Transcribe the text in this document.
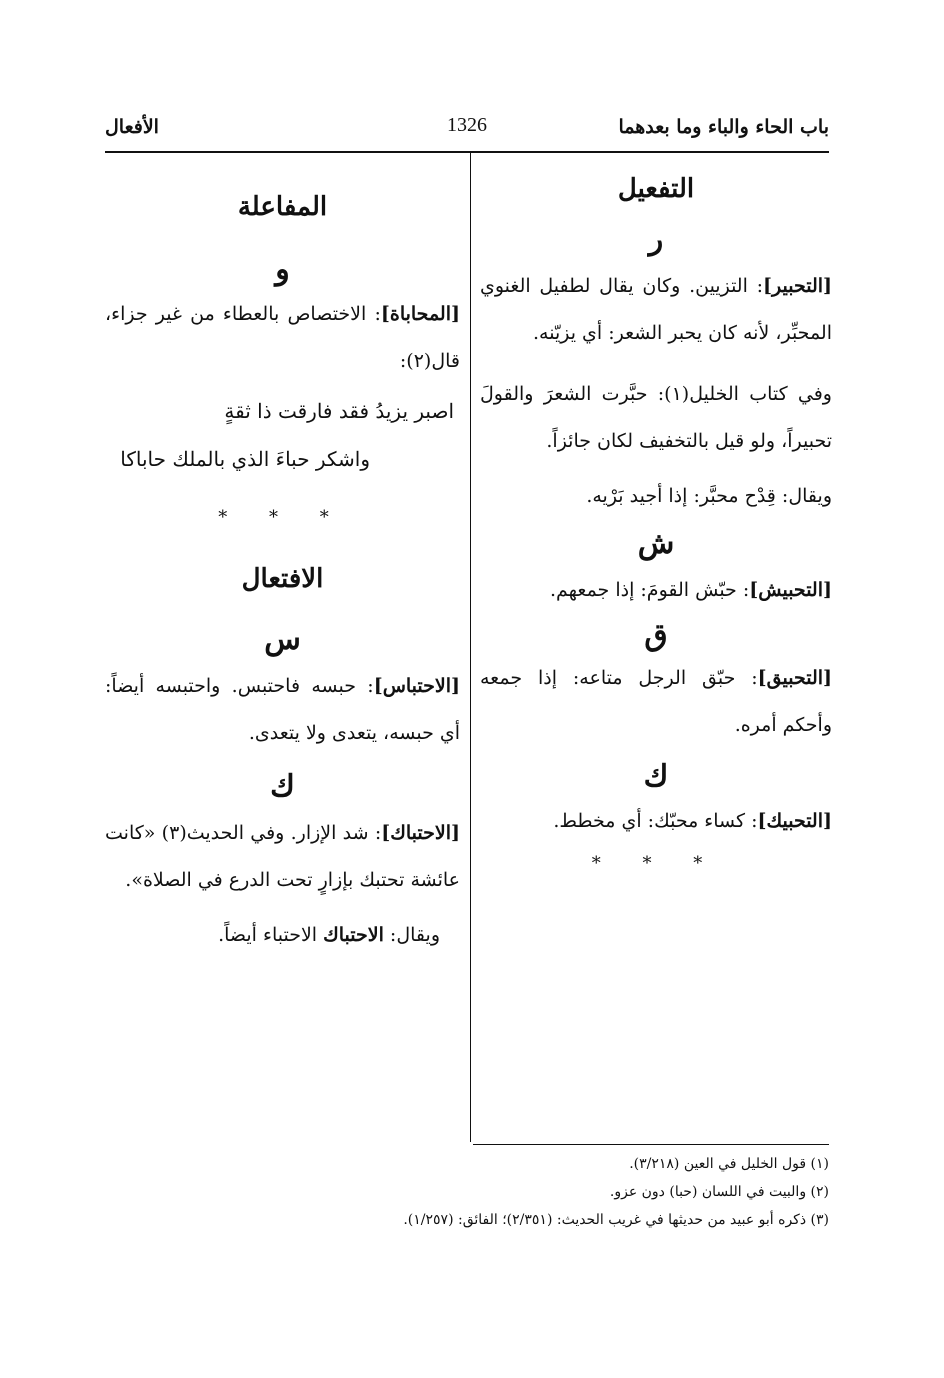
باب الحاء والباء وما بعدهما
1326
الأفعال
التفعيل
ر

[التحبير]: التزيين. وكان يقال لطفيل الغنوي المحبِّر، لأنه كان يحبر الشعر: أي يزيّنه.

وفي كتاب الخليل(١): حبَّرت الشعرَ والقولَ تحبيراً، ولو قيل بالتخفيف لكان جائزاً.

ويقال: قِدْح محبَّر: إذا أجيد بَرْيه.

ش

[التحبيش]: حبّش القومَ: إذا جمعهم.

ق

[التحبيق]: حبّق الرجل متاعه: إذا جمعه وأحكم أمره.

ك

[التحبيك]: كساء محبّك: أي مخطط.

* * *
المفاعلة
و

[المحاباة]: الاختصاص بالعطاء من غير جزاء، قال(٢):

اصبر يزيدُ فقد فارقت ذا ثقةٍ

واشكر حباءَ الذي بالملك حاباكا

* * *
الافتعال
س

[الاحتباس]: حبسه فاحتبس. واحتبسه أيضاً: أي حبسه، يتعدى ولا يتعدى.

ك

[الاحتباك]: شد الإزار. وفي الحديث(٣) «كانت عائشة تحتبك بإزارٍ تحت الدرع في الصلاة».

ويقال: الاحتباك الاحتباء أيضاً.

(١) قول الخليل في العين (٣/٢١٨).
(٢) والبيت في اللسان (حبا) دون عزو.
(٣) ذكره أبو عبيد من حديثها في غريب الحديث: (٢/٣٥١)؛ الفائق: (١/٢٥٧).
